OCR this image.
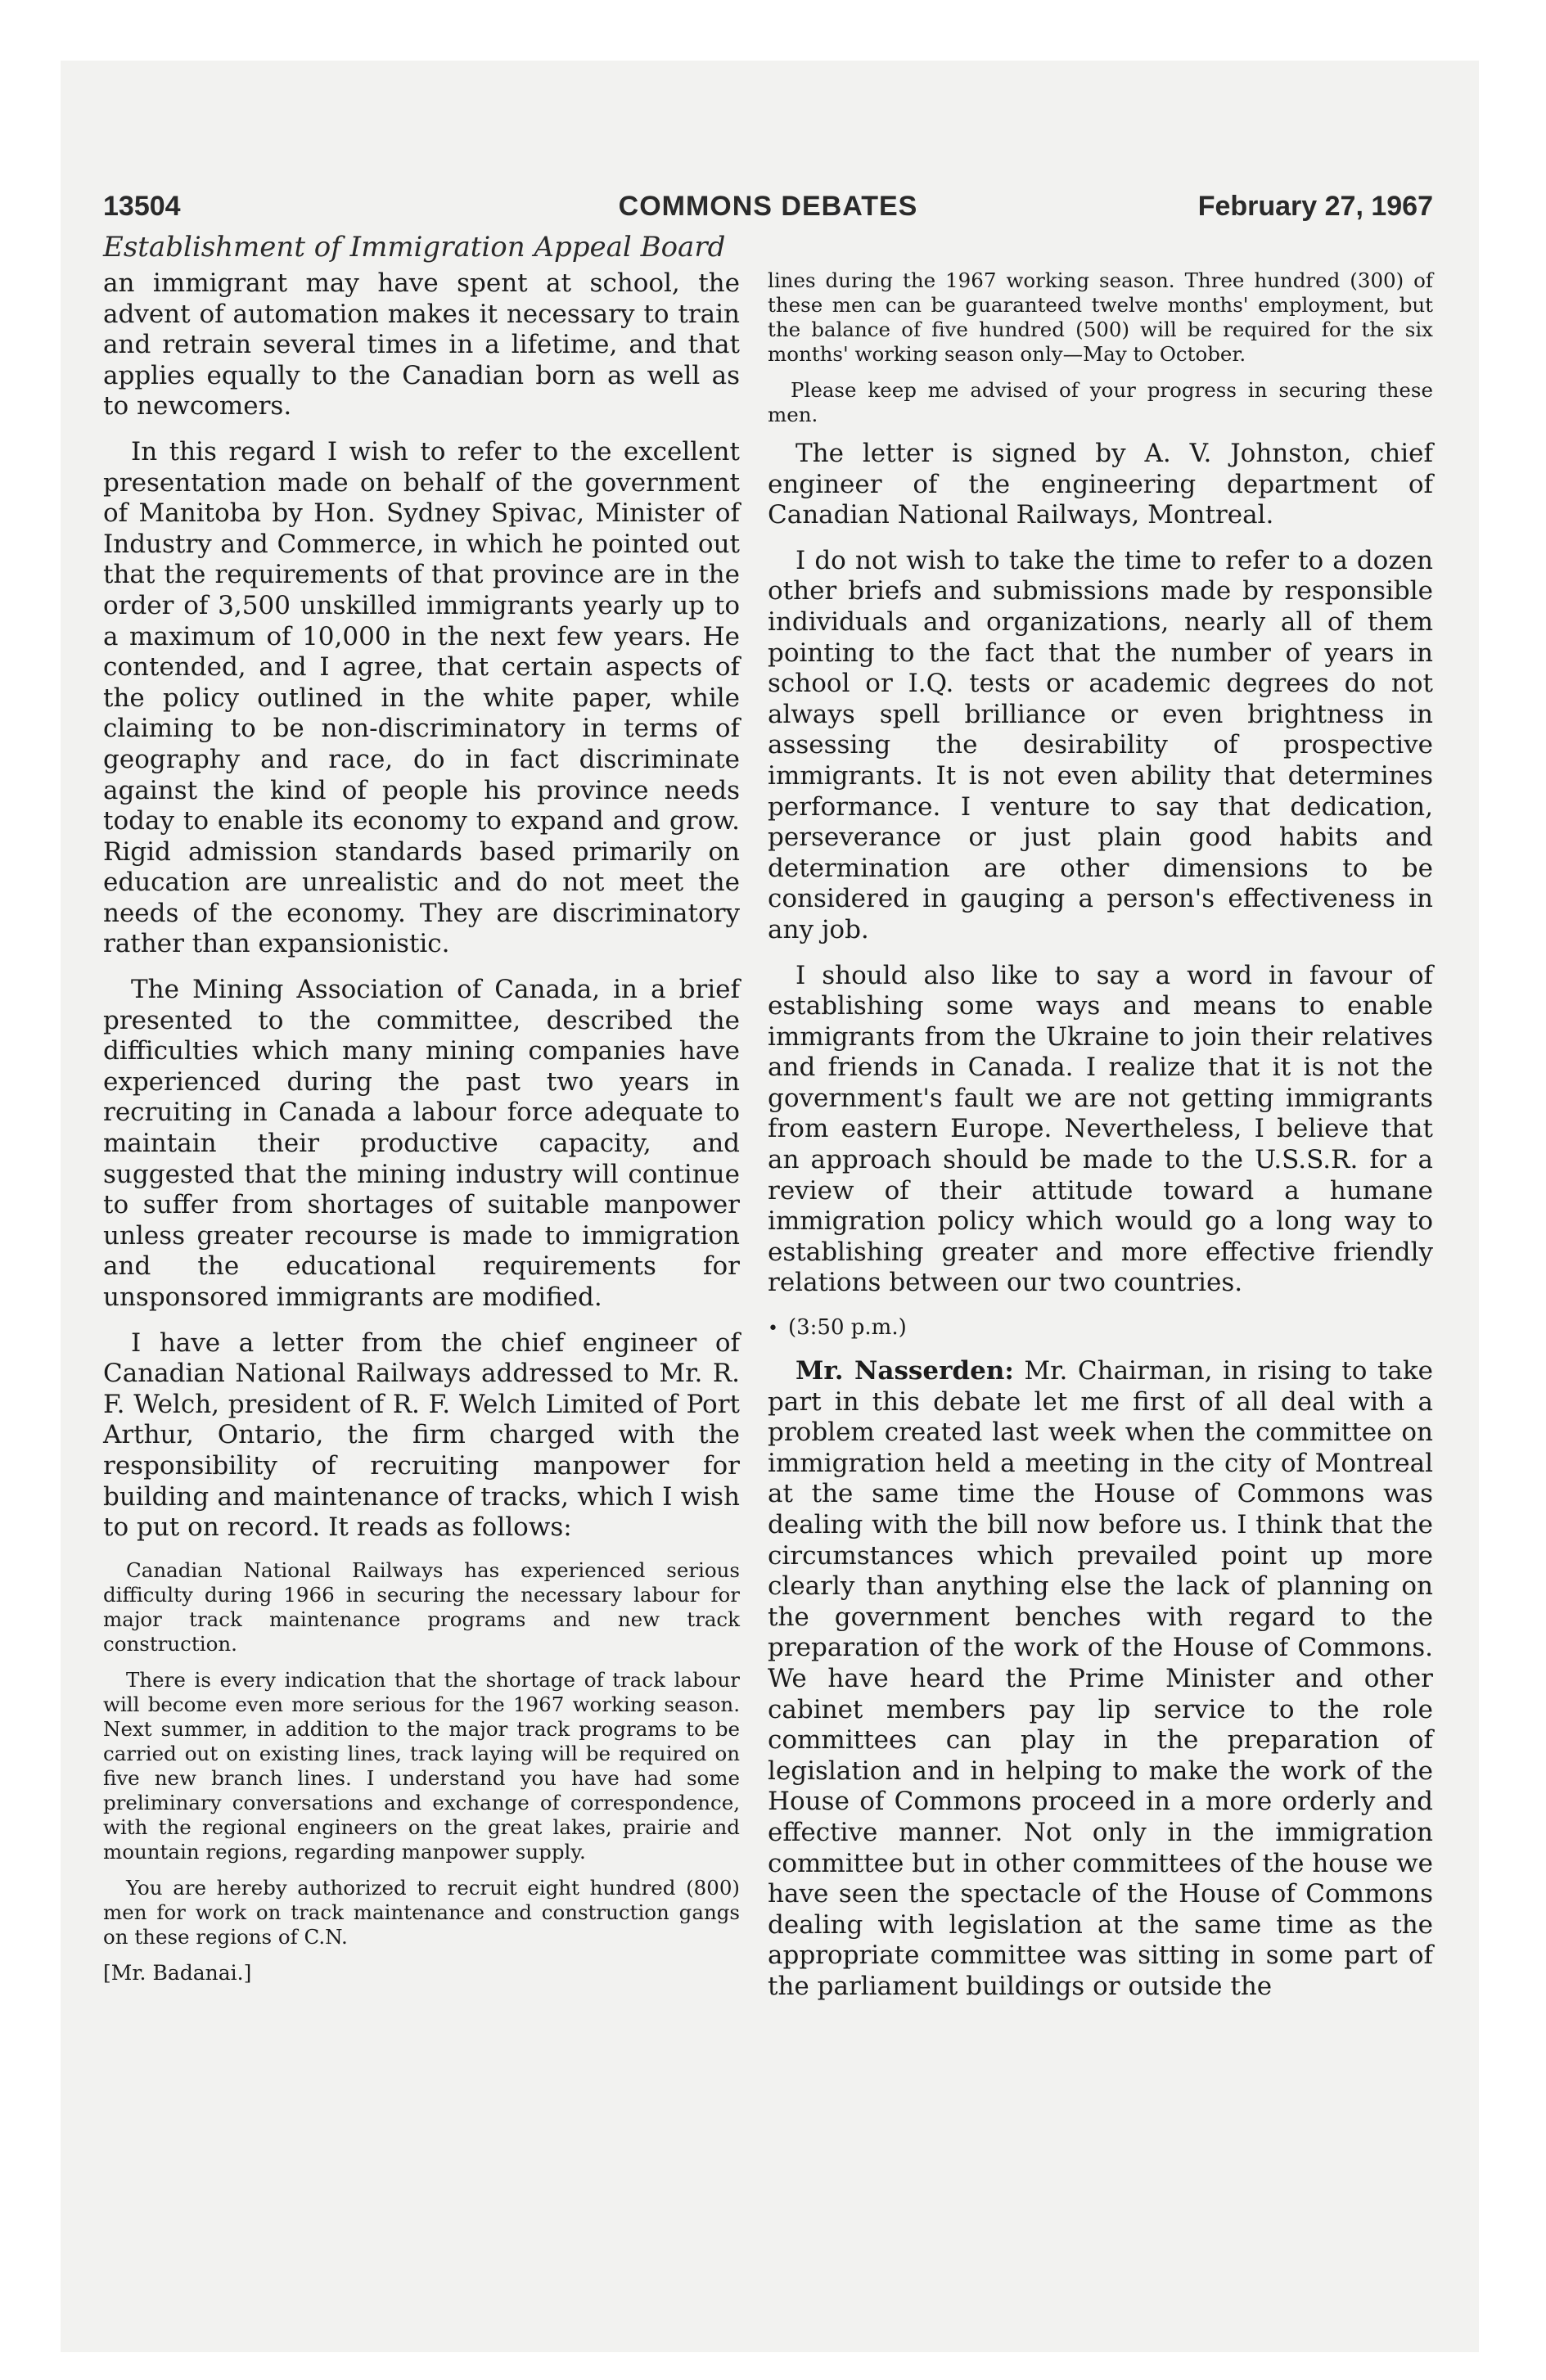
13504	COMMONS DEBATES	February 27, 1967
Establishment of Immigration Appeal Board

an immigrant may have spent at school, the advent of automation makes it necessary to train and retrain several times in a lifetime, and that applies equally to the Canadian born as well as to newcomers.

In this regard I wish to refer to the excellent presentation made on behalf of the government of Manitoba by Hon. Sydney Spivac, Minister of Industry and Commerce, in which he pointed out that the requirements of that province are in the order of 3,500 unskilled immigrants yearly up to a maximum of 10,000 in the next few years. He contended, and I agree, that certain aspects of the policy outlined in the white paper, while claiming to be non-discriminatory in terms of geography and race, do in fact discriminate against the kind of people his province needs today to enable its economy to expand and grow. Rigid admission standards based primarily on education are unrealistic and do not meet the needs of the economy. They are discriminatory rather than expansionistic.

The Mining Association of Canada, in a brief presented to the committee, described the difficulties which many mining companies have experienced during the past two years in recruiting in Canada a labour force adequate to maintain their productive capacity, and suggested that the mining industry will continue to suffer from shortages of suitable manpower unless greater recourse is made to immigration and the educational requirements for unsponsored immigrants are modified.

I have a letter from the chief engineer of Canadian National Railways addressed to Mr. R. F. Welch, president of R. F. Welch Limited of Port Arthur, Ontario, the firm charged with the responsibility of recruiting manpower for building and maintenance of tracks, which I wish to put on record. It reads as follows:

Canadian National Railways has experienced serious difficulty during 1966 in securing the necessary labour for major track maintenance programs and new track construction.

There is every indication that the shortage of track labour will become even more serious for the 1967 working season. Next summer, in addition to the major track programs to be carried out on existing lines, track laying will be required on five new branch lines. I understand you have had some preliminary conversations and exchange of correspondence, with the regional engineers on the great lakes, prairie and mountain regions, regarding manpower supply.

You are hereby authorized to recruit eight hundred (800) men for work on track maintenance and construction gangs on these regions of C.N.

[Mr. Badanai.]

lines during the 1967 working season. Three hundred (300) of these men can be guaranteed twelve months' employment, but the balance of five hundred (500) will be required for the six months' working season only—May to October.

Please keep me advised of your progress in securing these men.

The letter is signed by A. V. Johnston, chief engineer of the engineering department of Canadian National Railways, Montreal.

I do not wish to take the time to refer to a dozen other briefs and submissions made by responsible individuals and organizations, nearly all of them pointing to the fact that the number of years in school or I.Q. tests or academic degrees do not always spell brilliance or even brightness in assessing the desirability of prospective immigrants. It is not even ability that determines performance. I venture to say that dedication, perseverance or just plain good habits and determination are other dimensions to be considered in gauging a person's effectiveness in any job.

I should also like to say a word in favour of establishing some ways and means to enable immigrants from the Ukraine to join their relatives and friends in Canada. I realize that it is not the government's fault we are not getting immigrants from eastern Europe. Nevertheless, I believe that an approach should be made to the U.S.S.R. for a review of their attitude toward a humane immigration policy which would go a long way to establishing greater and more effective friendly relations between our two countries.

• (3:50 p.m.)

Mr. Nasserden: Mr. Chairman, in rising to take part in this debate let me first of all deal with a problem created last week when the committee on immigration held a meeting in the city of Montreal at the same time the House of Commons was dealing with the bill now before us. I think that the circumstances which prevailed point up more clearly than anything else the lack of planning on the government benches with regard to the preparation of the work of the House of Commons. We have heard the Prime Minister and other cabinet members pay lip service to the role committees can play in the preparation of legislation and in helping to make the work of the House of Commons proceed in a more orderly and effective manner. Not only in the immigration committee but in other committees of the house we have seen the spectacle of the House of Commons dealing with legislation at the same time as the appropriate committee was sitting in some part of the parliament buildings or outside the
